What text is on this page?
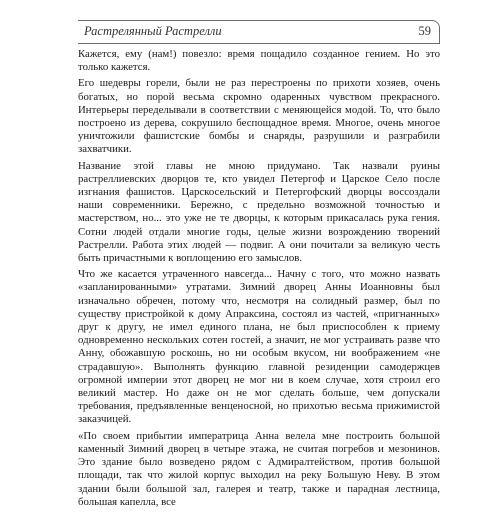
Растрелянный Растрелли	59

Кажется, ему (нам!) повезло: время пощадило созданное гением. Но это только кажется.

Его шедевры горели, были не раз перестроены по прихоти хозяев, очень богатых, но порой весьма скромно одаренных чувством прекрасного. Интерьеры переделывали в соответствии с меняющейся модой. То, что было построено из дерева, сокрушило беспощадное время. Многое, очень многое уничтожили фашистские бомбы и снаряды, разрушили и разграбили захватчики.

Название этой главы не мною придумано. Так назвали руины растреллиевских дворцов те, кто увидел Петергоф и Царское Село после изгнания фашистов. Царскосельский и Петергофский дворцы воссоздали наши современники. Бережно, с предельно возможной точностью и мастерством, но... это уже не те дворцы, к которым прикасалась рука гения. Сотни людей отдали многие годы, целые жизни возрождению творений Растрелли. Работа этих людей — подвиг. А они почитали за великую честь быть причастными к воплощению его замыслов.

Что же касается утраченного навсегда... Начну с того, что можно назвать «запланированными» утратами. Зимний дворец Анны Иоанновны был изначально обречен, потому что, несмотря на солидный размер, был по существу пристройкой к дому Апраксина, состоял из частей, «пригнанных» друг к другу, не имел единого плана, не был приспособлен к приему одновременно нескольких сотен гостей, а значит, не мог устраивать разве что Анну, обожавшую роскошь, но ни особым вкусом, ни воображением «не страдавшую». Выполнять функцию главной резиденции самодержцев огромной империи этот дворец не мог ни в коем случае, хотя строил его великий мастер. Но даже он не мог сделать больше, чем допускали требования, предъявленные венценосной, но прихотью весьма прижимистой заказчицей.

«По своем прибытии императрица Анна велела мне построить большой каменный Зимний дворец в четыре этажа, не считая погребов и мезонинов. Это здание было возведено рядом с Адмиралтейством, против большой площади, так что жилой корпус выходил на реку Большую Неву. В этом здании были большой зал, галерея и театр, также и парадная лестница, большая капелла, все
